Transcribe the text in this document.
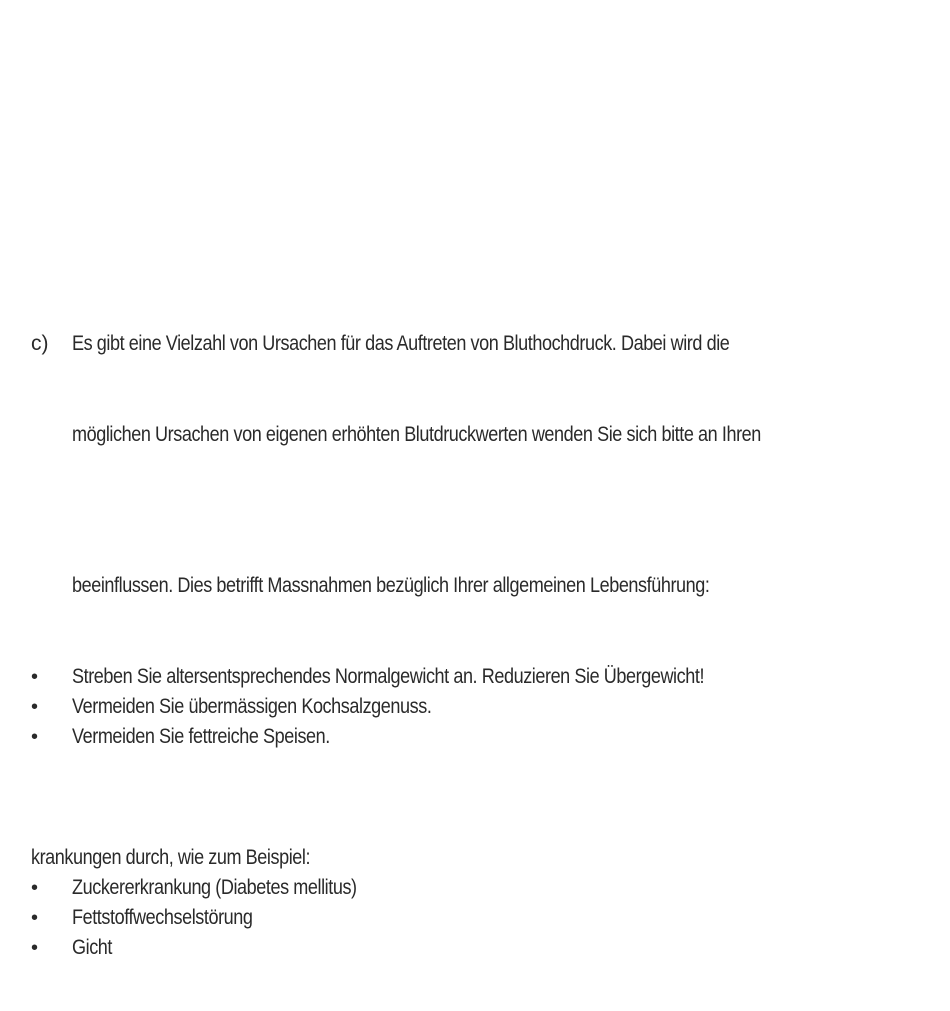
c) Es gibt eine Vielzahl von Ursachen für das Auftreten von Bluthochdruck. Dabei wird die
möglichen Ursachen von eigenen erhöhten Blutdruckwerten wenden Sie sich bitte an Ihren
beeinflussen. Dies betrifft Massnahmen bezüglich Ihrer allgemeinen Lebensführung:
• Streben Sie altersentsprechendes Normalgewicht an. Reduzieren Sie Übergewicht!
• Vermeiden Sie übermässigen Kochsalzgenuss.
• Vermeiden Sie fettreiche Speisen.
krankungen durch, wie zum Beispiel:
• Zuckererkrankung (Diabetes mellitus)
• Fettstoffwechselstörung
• Gicht
